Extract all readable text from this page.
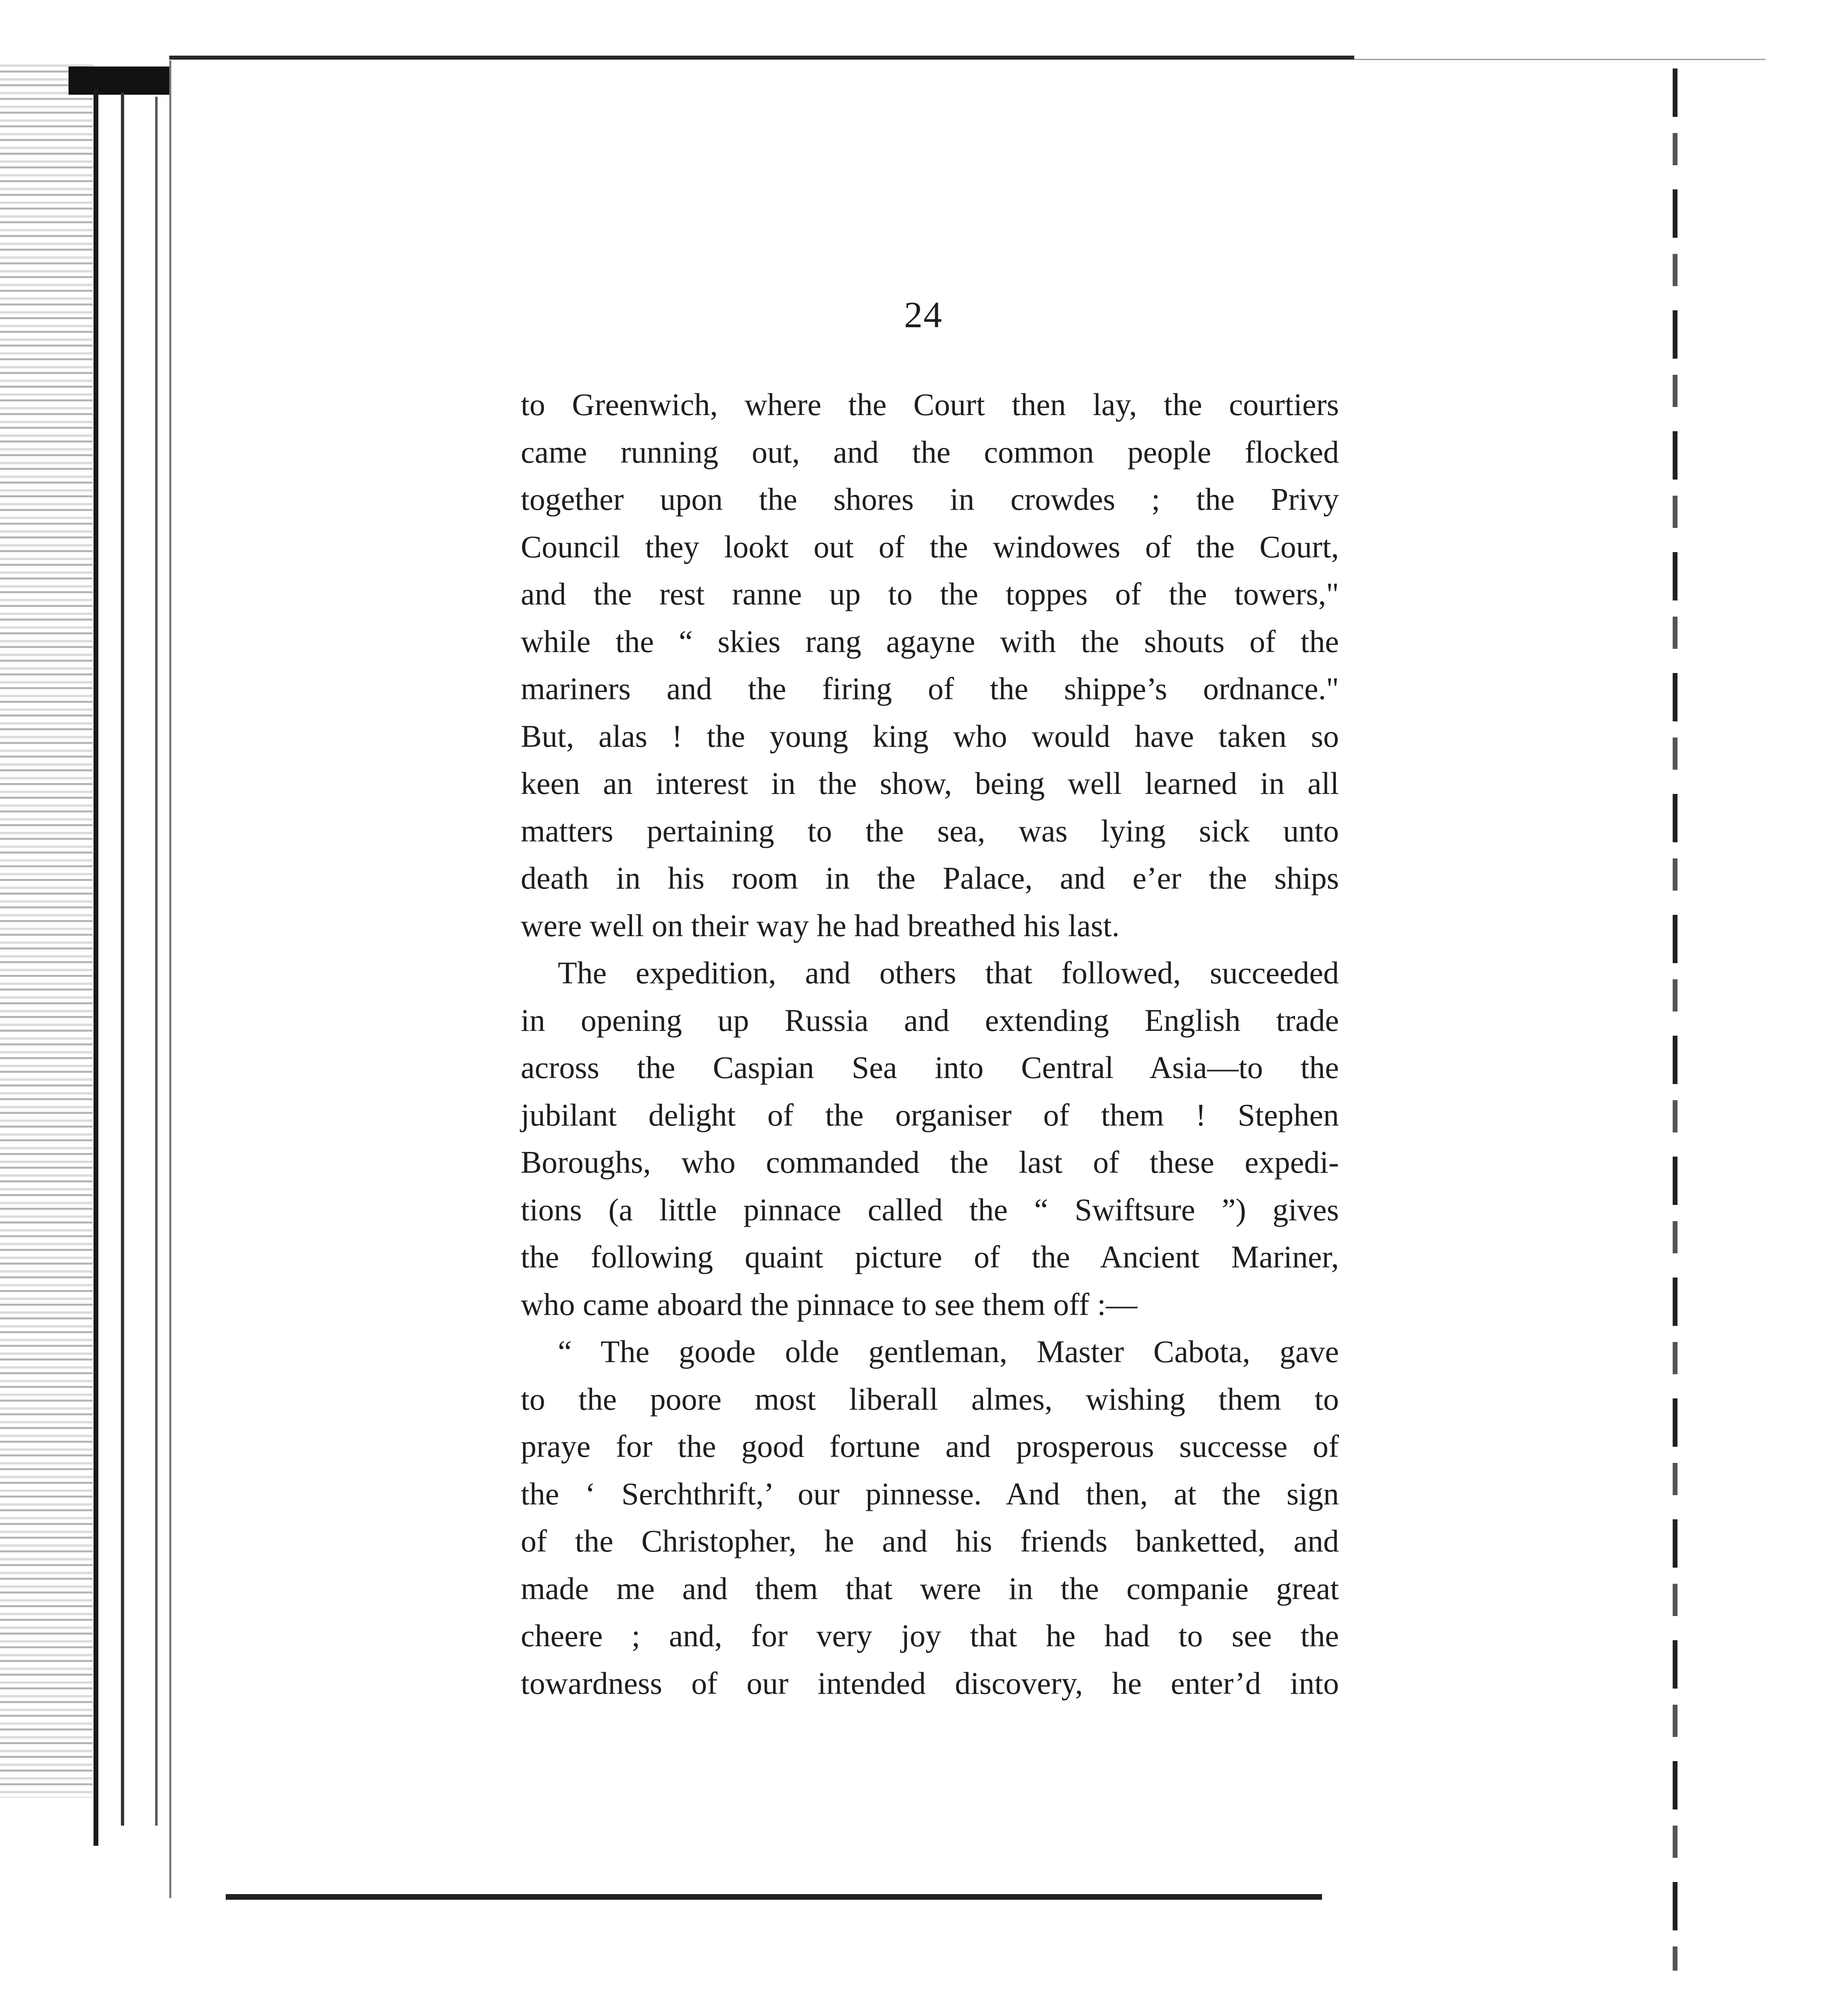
24
to Greenwich, where the Court then lay, the courtiers
came running out, and the common people flocked
together upon the shores in crowdes ; the Privy
Council they lookt out of the windowes of the Court,
and the rest ranne up to the toppes of the towers,"
while the “ skies rang agayne with the shouts of the
mariners and the firing of the shippe’s ordnance."
But, alas ! the young king who would have taken so
keen an interest in the show, being well learned in all
matters pertaining to the sea, was lying sick unto
death in his room in the Palace, and e’er the ships
were well on their way he had breathed his last.
The expedition, and others that followed, succeeded
in opening up Russia and extending English trade
across the Caspian Sea into Central Asia—to the
jubilant delight of the organiser of them ! Stephen
Boroughs, who commanded the last of these expedi-
tions (a little pinnace called the “ Swiftsure ”) gives
the following quaint picture of the Ancient Mariner,
who came aboard the pinnace to see them off :—
“ The goode olde gentleman, Master Cabota, gave
to the poore most liberall almes, wishing them to
praye for the good fortune and prosperous successe of
the ‘ Serchthrift,’ our pinnesse. And then, at the sign
of the Christopher, he and his friends banketted, and
made me and them that were in the companie great
cheere ; and, for very joy that he had to see the
towardness of our intended discovery, he enter’d into
